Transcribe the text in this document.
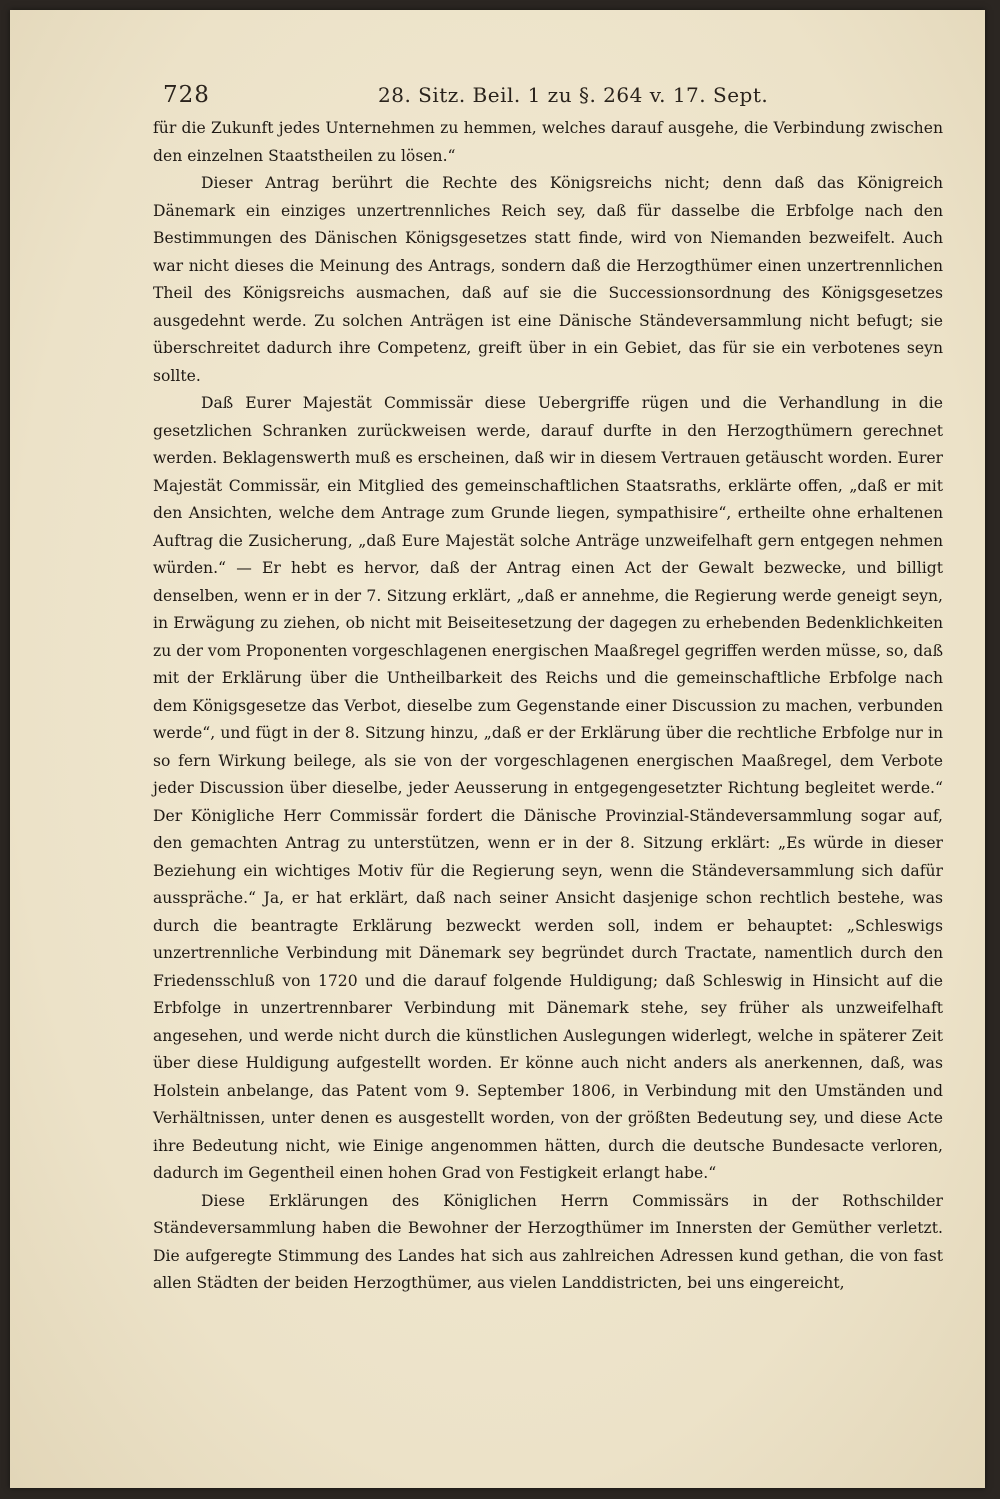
728	28. Sitz. Beil. 1 zu §. 264 v. 17. Sept.

für die Zukunft jedes Unternehmen zu hemmen, welches darauf ausgehe, die Verbindung zwischen den einzelnen Staatstheilen zu lösen.“

Dieser Antrag berührt die Rechte des Königsreichs nicht; denn daß das Königreich Dänemark ein einziges unzertrennliches Reich sey, daß für dasselbe die Erbfolge nach den Bestimmungen des Dänischen Königsgesetzes statt finde, wird von Niemanden bezweifelt. Auch war nicht dieses die Meinung des Antrags, sondern daß die Herzogthümer einen unzertrennlichen Theil des Königsreichs ausmachen, daß auf sie die Successionsordnung des Königsgesetzes ausgedehnt werde. Zu solchen Anträgen ist eine Dänische Ständeversammlung nicht befugt; sie überschreitet dadurch ihre Competenz, greift über in ein Gebiet, das für sie ein verbotenes seyn sollte.

Daß Eurer Majestät Commissär diese Uebergriffe rügen und die Verhandlung in die gesetzlichen Schranken zurückweisen werde, darauf durfte in den Herzogthümern gerechnet werden. Beklagenswerth muß es erscheinen, daß wir in diesem Vertrauen getäuscht worden. Eurer Majestät Commissär, ein Mitglied des gemeinschaftlichen Staatsraths, erklärte offen, „daß er mit den Ansichten, welche dem Antrage zum Grunde liegen, sympathisire“, ertheilte ohne erhaltenen Auftrag die Zusicherung, „daß Eure Majestät solche Anträge unzweifelhaft gern entgegen nehmen würden.“ — Er hebt es hervor, daß der Antrag einen Act der Gewalt bezwecke, und billigt denselben, wenn er in der 7. Sitzung erklärt, „daß er annehme, die Regierung werde geneigt seyn, in Erwägung zu ziehen, ob nicht mit Beiseitesetzung der dagegen zu erhebenden Bedenklichkeiten zu der vom Proponenten vorgeschlagenen energischen Maaßregel gegriffen werden müsse, so, daß mit der Erklärung über die Untheilbarkeit des Reichs und die gemeinschaftliche Erbfolge nach dem Königsgesetze das Verbot, dieselbe zum Gegenstande einer Discussion zu machen, verbunden werde“, und fügt in der 8. Sitzung hinzu, „daß er der Erklärung über die rechtliche Erbfolge nur in so fern Wirkung beilege, als sie von der vorgeschlagenen energischen Maaßregel, dem Verbote jeder Discussion über dieselbe, jeder Aeusserung in entgegengesetzter Richtung begleitet werde.“ Der Königliche Herr Commissär fordert die Dänische Provinzial-Ständeversammlung sogar auf, den gemachten Antrag zu unterstützen, wenn er in der 8. Sitzung erklärt: „Es würde in dieser Beziehung ein wichtiges Motiv für die Regierung seyn, wenn die Ständeversammlung sich dafür ausspräche.“ Ja, er hat erklärt, daß nach seiner Ansicht dasjenige schon rechtlich bestehe, was durch die beantragte Erklärung bezweckt werden soll, indem er behauptet: „Schleswigs unzertrennliche Verbindung mit Dänemark sey begründet durch Tractate, namentlich durch den Friedensschluß von 1720 und die darauf folgende Huldigung; daß Schleswig in Hinsicht auf die Erbfolge in unzertrennbarer Verbindung mit Dänemark stehe, sey früher als unzweifelhaft angesehen, und werde nicht durch die künstlichen Auslegungen widerlegt, welche in späterer Zeit über diese Huldigung aufgestellt worden. Er könne auch nicht anders als anerkennen, daß, was Holstein anbelange, das Patent vom 9. September 1806, in Verbindung mit den Umständen und Verhältnissen, unter denen es ausgestellt worden, von der größten Bedeutung sey, und diese Acte ihre Bedeutung nicht, wie Einige angenommen hätten, durch die deutsche Bundesacte verloren, dadurch im Gegentheil einen hohen Grad von Festigkeit erlangt habe.“

Diese Erklärungen des Königlichen Herrn Commissärs in der Rothschilder Ständeversammlung haben die Bewohner der Herzogthümer im Innersten der Gemüther verletzt. Die aufgeregte Stimmung des Landes hat sich aus zahlreichen Adressen kund gethan, die von fast allen Städten der beiden Herzogthümer, aus vielen Landdistricten, bei uns eingereicht,
